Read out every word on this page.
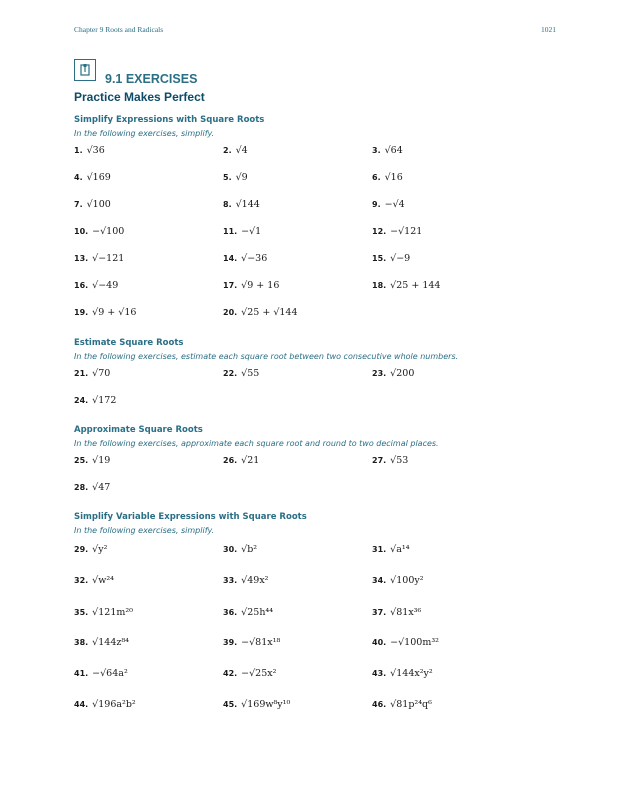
Chapter 9 Roots and Radicals	1021
9.1 EXERCISES
Practice Makes Perfect
Simplify Expressions with Square Roots
In the following exercises, simplify.
Estimate Square Roots
In the following exercises, estimate each square root between two consecutive whole numbers.
Approximate Square Roots
In the following exercises, approximate each square root and round to two decimal places.
Simplify Variable Expressions with Square Roots
In the following exercises, simplify.
1. √36	2. √4	3. √64
4. √169	5. √9	6. √16
7. √100	8. √144	9. −√4
10. −√100	11. −√1	12. −√121
13. √−121	14. √−36	15. √−9
16. √−49	17. √9 + 16	18. √25 + 144
19. √9 + √16	20. √25 + √144
21. √70	22. √55	23. √200
24. √172
25. √19	26. √21	27. √53
28. √47
29. √y²	30. √b²	31. √a¹⁴
32. √w²⁴	33. √49x²	34. √100y²
35. √121m²⁰	36. √25h⁴⁴	37. √81x³⁶
38. √144z⁸⁴	39. −√81x¹⁸	40. −√100m³²
41. −√64a²	42. −√25x²	43. √144x²y²
44. √196a²b²	45. √169w⁸y¹⁰	46. √81p²⁴q⁶
